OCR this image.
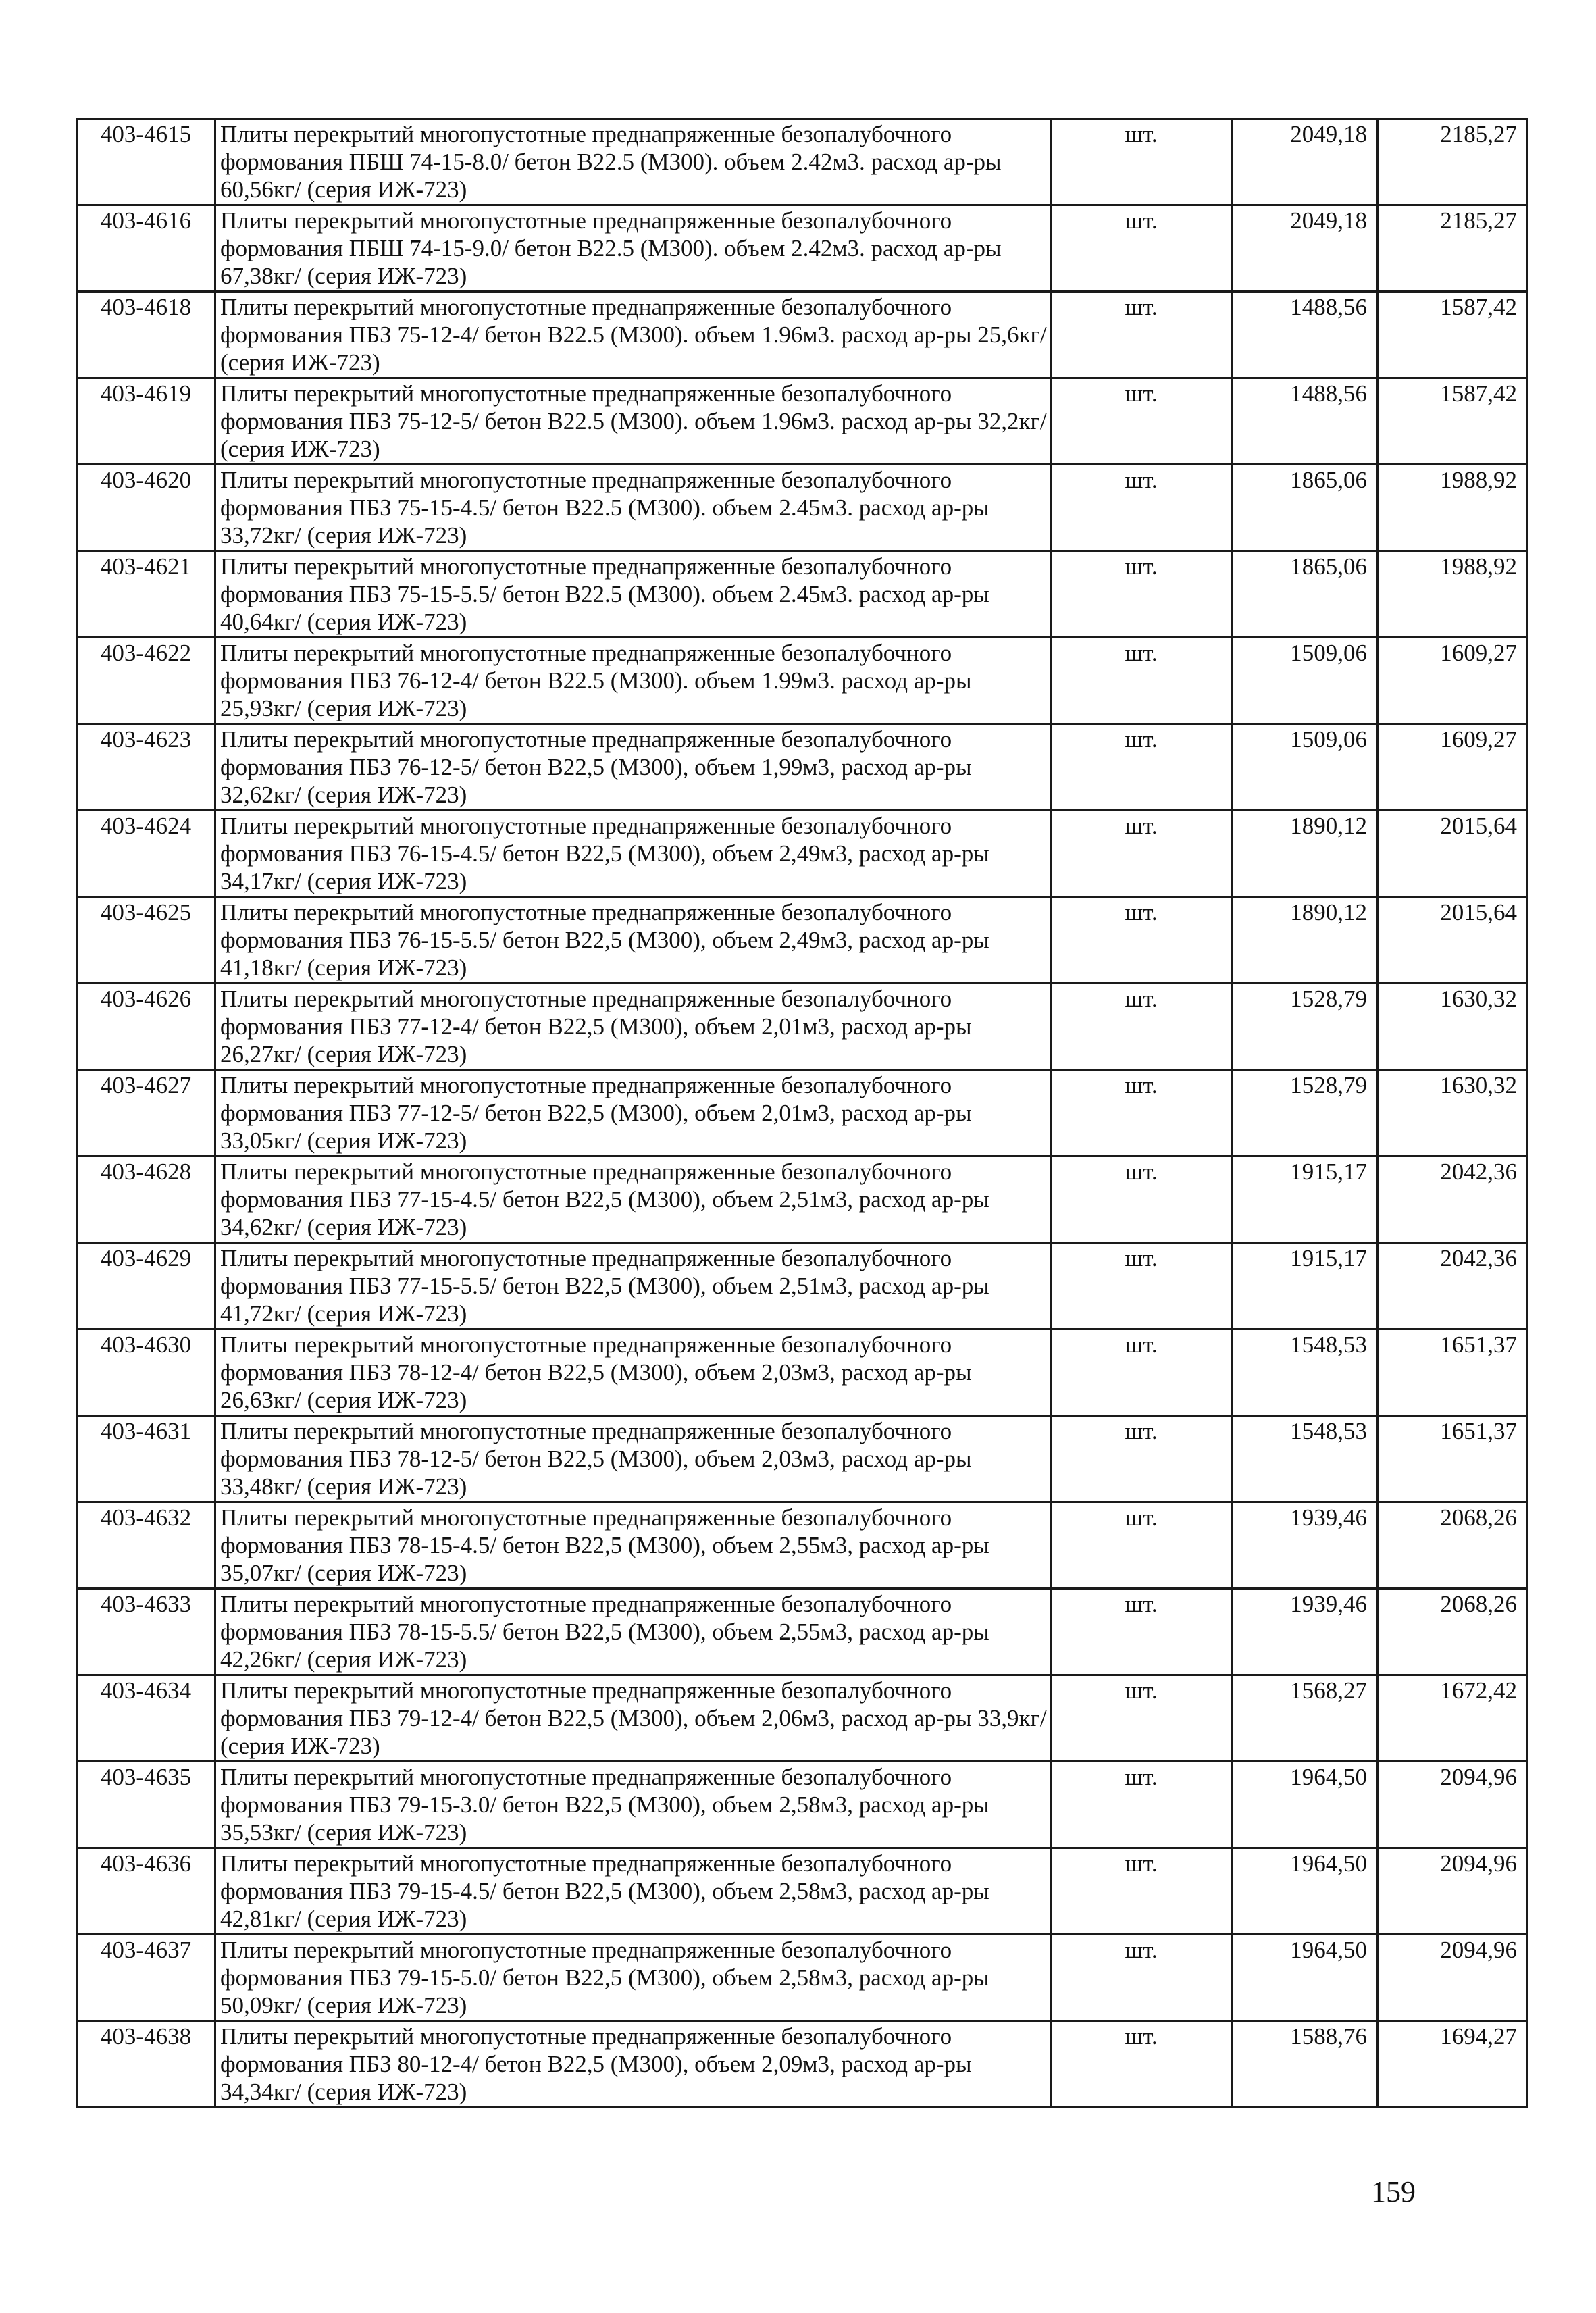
403-4615	Плиты перекрытий многопустотные преднапряженные безопалубочного формования ПБШ 74-15-8.0/ бетон В22.5 (М300). объем 2.42м3. расход ар-ры 60,56кг/ (серия ИЖ-723)	шт.	2049,18	2185,27
403-4616	Плиты перекрытий многопустотные преднапряженные безопалубочного формования ПБШ 74-15-9.0/ бетон В22.5 (М300). объем 2.42м3. расход ар-ры 67,38кг/ (серия ИЖ-723)	шт.	2049,18	2185,27
403-4618	Плиты перекрытий многопустотные преднапряженные безопалубочного формования ПБЗ 75-12-4/ бетон В22.5 (М300). объем 1.96м3. расход ар-ры 25,6кг/ (серия ИЖ-723)	шт.	1488,56	1587,42
403-4619	Плиты перекрытий многопустотные преднапряженные безопалубочного формования ПБЗ 75-12-5/ бетон В22.5 (М300). объем 1.96м3. расход ар-ры 32,2кг/ (серия ИЖ-723)	шт.	1488,56	1587,42
403-4620	Плиты перекрытий многопустотные преднапряженные безопалубочного формования ПБЗ 75-15-4.5/ бетон В22.5 (М300). объем 2.45м3. расход ар-ры 33,72кг/ (серия ИЖ-723)	шт.	1865,06	1988,92
403-4621	Плиты перекрытий многопустотные преднапряженные безопалубочного формования ПБЗ 75-15-5.5/ бетон В22.5 (М300). объем 2.45м3. расход ар-ры 40,64кг/ (серия ИЖ-723)	шт.	1865,06	1988,92
403-4622	Плиты перекрытий многопустотные преднапряженные безопалубочного формования ПБЗ 76-12-4/ бетон В22.5 (М300). объем 1.99м3. расход ар-ры 25,93кг/ (серия ИЖ-723)	шт.	1509,06	1609,27
403-4623	Плиты перекрытий многопустотные преднапряженные безопалубочного формования ПБЗ 76-12-5/ бетон В22,5 (М300), объем 1,99м3, расход ар-ры 32,62кг/ (серия ИЖ-723)	шт.	1509,06	1609,27
403-4624	Плиты перекрытий многопустотные преднапряженные безопалубочного формования ПБЗ 76-15-4.5/ бетон В22,5 (М300), объем 2,49м3, расход ар-ры 34,17кг/ (серия ИЖ-723)	шт.	1890,12	2015,64
403-4625	Плиты перекрытий многопустотные преднапряженные безопалубочного формования ПБЗ 76-15-5.5/ бетон В22,5 (М300), объем 2,49м3, расход ар-ры 41,18кг/ (серия ИЖ-723)	шт.	1890,12	2015,64
403-4626	Плиты перекрытий многопустотные преднапряженные безопалубочного формования ПБЗ 77-12-4/ бетон В22,5 (М300), объем 2,01м3, расход ар-ры 26,27кг/ (серия ИЖ-723)	шт.	1528,79	1630,32
403-4627	Плиты перекрытий многопустотные преднапряженные безопалубочного формования ПБЗ 77-12-5/ бетон В22,5 (М300), объем 2,01м3, расход ар-ры 33,05кг/ (серия ИЖ-723)	шт.	1528,79	1630,32
403-4628	Плиты перекрытий многопустотные преднапряженные безопалубочного формования ПБЗ 77-15-4.5/ бетон В22,5 (М300), объем 2,51м3, расход ар-ры 34,62кг/ (серия ИЖ-723)	шт.	1915,17	2042,36
403-4629	Плиты перекрытий многопустотные преднапряженные безопалубочного формования ПБЗ 77-15-5.5/ бетон В22,5 (М300), объем 2,51м3, расход ар-ры 41,72кг/ (серия ИЖ-723)	шт.	1915,17	2042,36
403-4630	Плиты перекрытий многопустотные преднапряженные безопалубочного формования ПБЗ 78-12-4/ бетон В22,5 (М300), объем 2,03м3, расход ар-ры 26,63кг/ (серия ИЖ-723)	шт.	1548,53	1651,37
403-4631	Плиты перекрытий многопустотные преднапряженные безопалубочного формования ПБЗ 78-12-5/ бетон В22,5 (М300), объем 2,03м3, расход ар-ры 33,48кг/ (серия ИЖ-723)	шт.	1548,53	1651,37
403-4632	Плиты перекрытий многопустотные преднапряженные безопалубочного формования ПБЗ 78-15-4.5/ бетон В22,5 (М300), объем 2,55м3, расход ар-ры 35,07кг/ (серия ИЖ-723)	шт.	1939,46	2068,26
403-4633	Плиты перекрытий многопустотные преднапряженные безопалубочного формования ПБЗ 78-15-5.5/ бетон В22,5 (М300), объем 2,55м3, расход ар-ры 42,26кг/ (серия ИЖ-723)	шт.	1939,46	2068,26
403-4634	Плиты перекрытий многопустотные преднапряженные безопалубочного формования ПБЗ 79-12-4/ бетон В22,5 (М300), объем 2,06м3, расход ар-ры 33,9кг/ (серия ИЖ-723)	шт.	1568,27	1672,42
403-4635	Плиты перекрытий многопустотные преднапряженные безопалубочного формования ПБЗ 79-15-3.0/ бетон В22,5 (М300), объем 2,58м3, расход ар-ры 35,53кг/ (серия ИЖ-723)	шт.	1964,50	2094,96
403-4636	Плиты перекрытий многопустотные преднапряженные безопалубочного формования ПБЗ 79-15-4.5/ бетон В22,5 (М300), объем 2,58м3, расход ар-ры 42,81кг/ (серия ИЖ-723)	шт.	1964,50	2094,96
403-4637	Плиты перекрытий многопустотные преднапряженные безопалубочного формования ПБЗ 79-15-5.0/ бетон В22,5 (М300), объем 2,58м3, расход ар-ры 50,09кг/ (серия ИЖ-723)	шт.	1964,50	2094,96
403-4638	Плиты перекрытий многопустотные преднапряженные безопалубочного формования ПБЗ 80-12-4/ бетон В22,5 (М300), объем 2,09м3, расход ар-ры 34,34кг/ (серия ИЖ-723)	шт.	1588,76	1694,27
159
